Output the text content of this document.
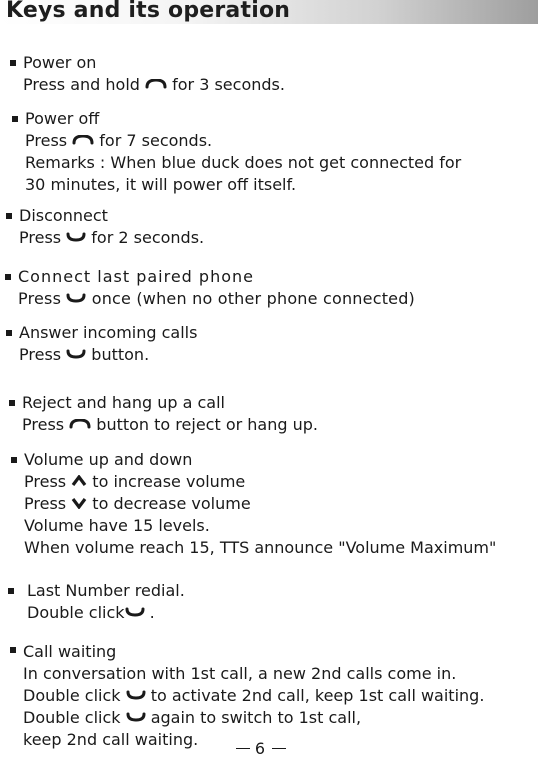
Keys and its operation
Power on
Press and hold for 3 seconds.
Power off
Press for 7 seconds.
Remarks : When blue duck does not get connected for
30 minutes, it will power off itself.
Disconnect
Press for 2 seconds.
Connect last paired phone
Press once (when no other phone connected)
Answer incoming calls
Press button.
Reject and hang up a call
Press button to reject or hang up.
Volume up and down
Press to increase volume
Press to decrease volume
Volume have 15 levels.
When volume reach 15, TTS announce "Volume Maximum"
Last Number redial.
Double click .
Call waiting
In conversation with 1st call, a new 2nd calls come in.
Double click to activate 2nd call, keep 1st call waiting.
Double click again to switch to 1st call,
keep 2nd call waiting.	6
